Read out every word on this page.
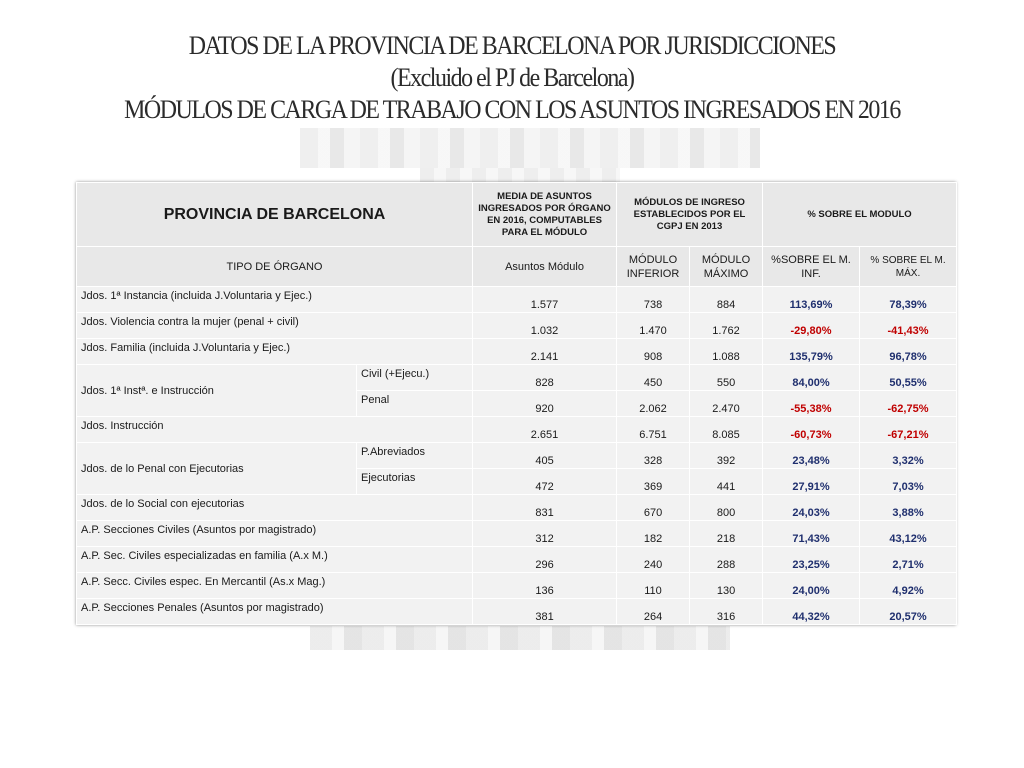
DATOS DE LA PROVINCIA DE BARCELONA POR JURISDICCIONES
(Excluido el PJ de Barcelona)
MÓDULOS DE CARGA DE TRABAJO CON LOS ASUNTOS INGRESADOS EN 2016
PROVINCIA DE BARCELONA		MEDIA DE ASUNTOS INGRESADOS POR ÓRGANO EN 2016, COMPUTABLES PARA EL MÓDULO	MÓDULOS DE INGRESO ESTABLECIDOS POR EL CGPJ EN 2013		% SOBRE EL MODULO	
TIPO DE ÓRGANO		Asuntos Módulo	MÓDULO INFERIOR	MÓDULO MÁXIMO	%SOBRE EL M. INF.	% SOBRE EL M. MÁX.
Jdos. 1ª Instancia (incluida J.Voluntaria y Ejec.)		1.577	738	884	113,69%	78,39%
Jdos. Violencia contra la mujer (penal + civil)		1.032	1.470	1.762	-29,80%	-41,43%
Jdos. Familia (incluida J.Voluntaria y Ejec.)		2.141	908	1.088	135,79%	96,78%
Jdos. 1ª Instª. e Instrucción	Civil (+Ejecu.)	828	450	550	84,00%	50,55%
	Penal	920	2.062	2.470	-55,38%	-62,75%
Jdos. Instrucción		2.651	6.751	8.085	-60,73%	-67,21%
Jdos. de lo Penal con Ejecutorias	P.Abreviados	405	328	392	23,48%	3,32%
	Ejecutorias	472	369	441	27,91%	7,03%
Jdos. de lo Social con ejecutorias		831	670	800	24,03%	3,88%
A.P. Secciones Civiles (Asuntos por magistrado)		312	182	218	71,43%	43,12%
A.P. Sec. Civiles especializadas en familia (A.x M.)		296	240	288	23,25%	2,71%
A.P. Secc. Civiles espec. En Mercantil (As.x Mag.)		136	110	130	24,00%	4,92%
A.P. Secciones Penales (Asuntos por magistrado)		381	264	316	44,32%	20,57%
